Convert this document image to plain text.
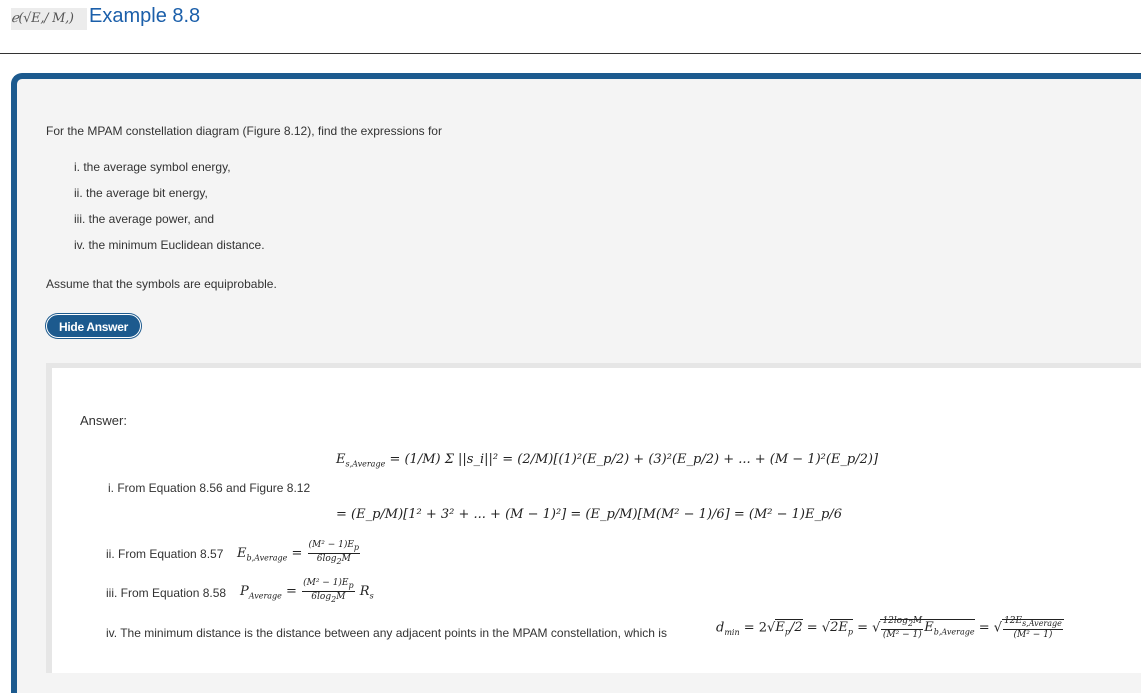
ℯ(√E,/ M,) Example 8.8
For the MPAM constellation diagram (Figure 8.12), find the expressions for
i. the average symbol energy,
ii. the average bit energy,
iii. the average power, and
iv. the minimum Euclidean distance.
Assume that the symbols are equiprobable.
Hide Answer
Answer:
i. From Equation 8.56 and Figure 8.12
$E_{s,Average} = (1/M)$ Σ ||s_i||² = (2/M)[(1)²(E_p/2) + (3)²(E_p/2) + ... + (M − 1)²(E_p/2)]
= (E_p/M)[1² + 3² + ... + (M − 1)²] = (E_p/M)[M(M² − 1)/6] = (M² − 1)E_p/6
ii. From Equation 8.57 $E_{b,Average} = \frac{(M^2 - 1)E_p}{6\log_2M}$
iii. From Equation 8.58 $P_{Average} = \frac{(M^2 - 1)E_p}{6\log_2M} R_s$
iv. The minimum distance is the distance between any adjacent points in the MPAM constellation, which is	$d_{min} = 2√E_p/2 = √2E_p$ = √ $\frac{12\log_2M}{\text{(M² − 1)}} E_{b,Average}$ = √ $\frac{12E_{s,Average}}{\text{(M² − 1)}}$
